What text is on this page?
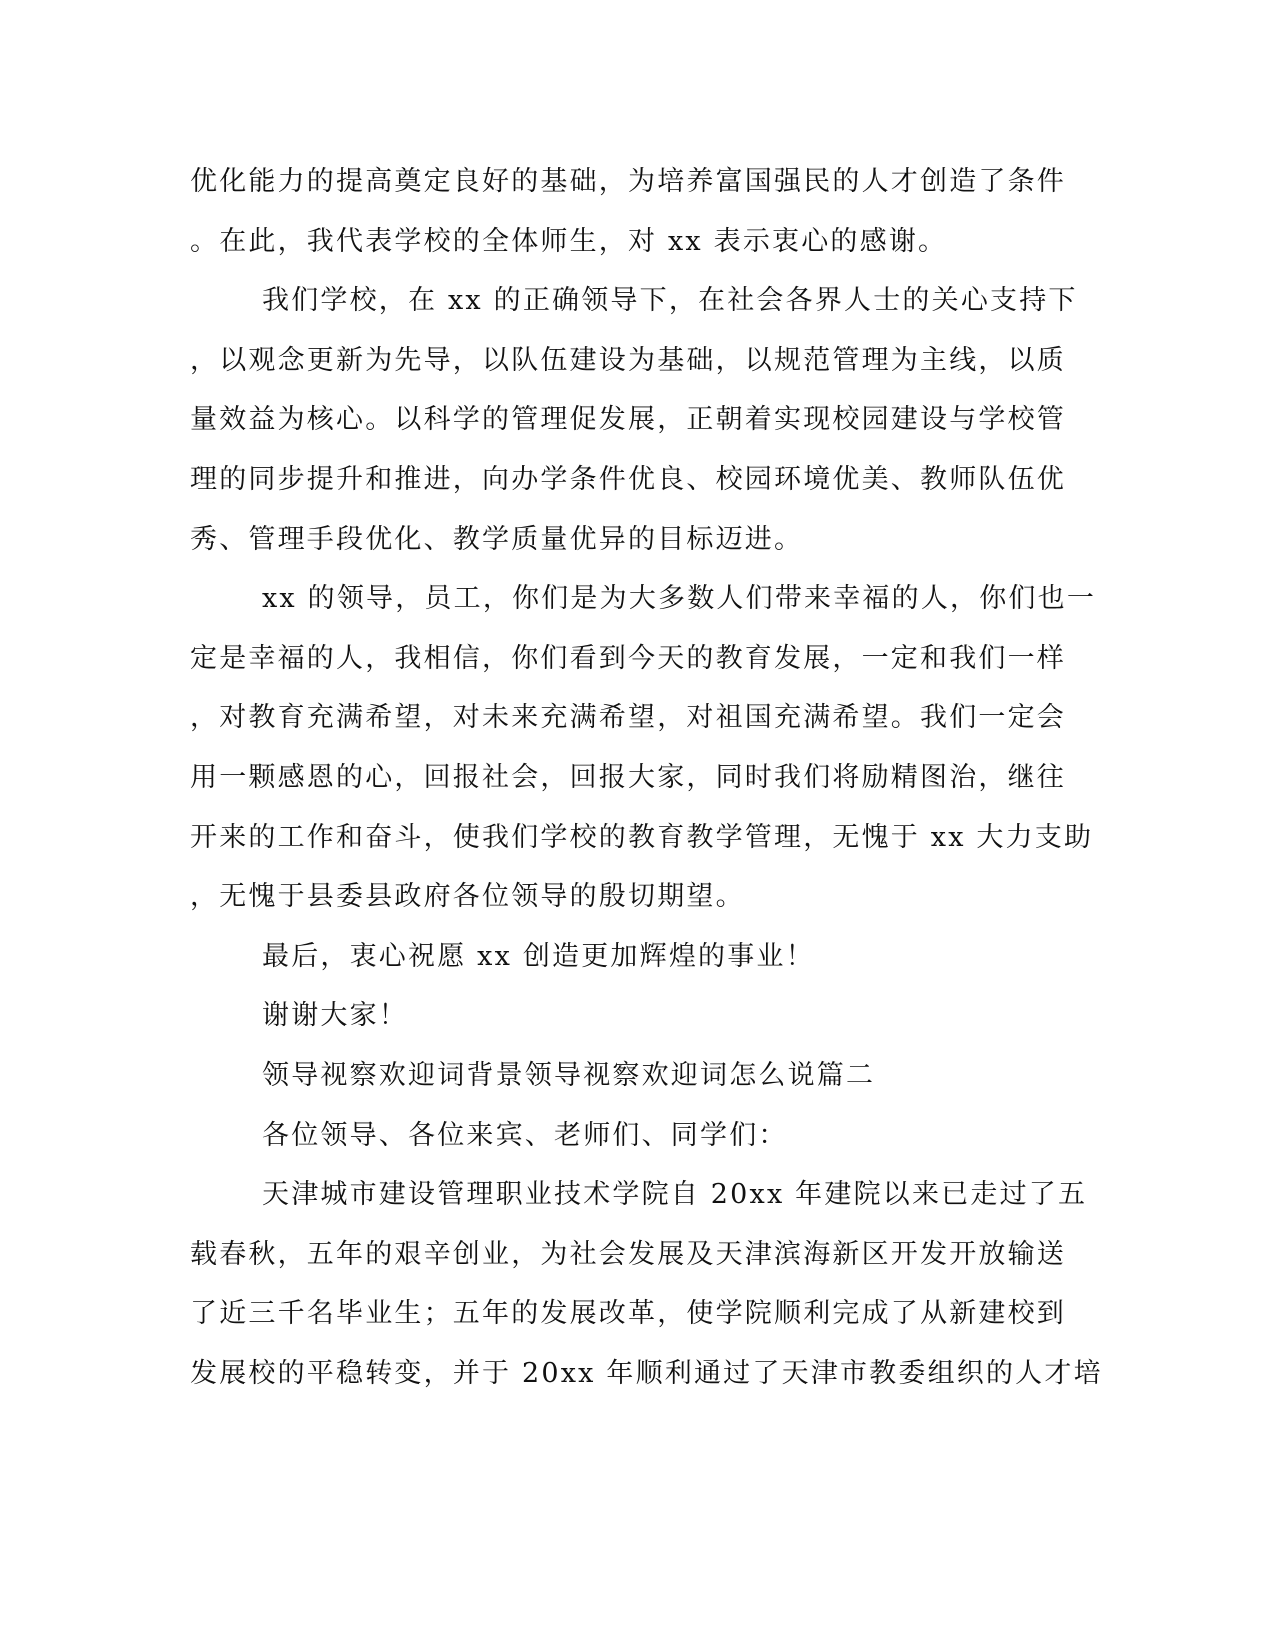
优化能力的提高奠定良好的基础，为培养富国强民的人才创造了条件
。在此，我代表学校的全体师生，对 xx 表示衷心的感谢。
我们学校，在 xx 的正确领导下，在社会各界人士的关心支持下
，以观念更新为先导，以队伍建设为基础，以规范管理为主线，以质
量效益为核心。以科学的管理促发展，正朝着实现校园建设与学校管
理的同步提升和推进，向办学条件优良、校园环境优美、教师队伍优
秀、管理手段优化、教学质量优异的目标迈进。
xx 的领导，员工，你们是为大多数人们带来幸福的人，你们也一
定是幸福的人，我相信，你们看到今天的教育发展，一定和我们一样
，对教育充满希望，对未来充满希望，对祖国充满希望。我们一定会
用一颗感恩的心，回报社会，回报大家，同时我们将励精图治，继往
开来的工作和奋斗，使我们学校的教育教学管理，无愧于 xx 大力支助
，无愧于县委县政府各位领导的殷切期望。
最后，衷心祝愿 xx 创造更加辉煌的事业！
谢谢大家！
领导视察欢迎词背景领导视察欢迎词怎么说篇二
各位领导、各位来宾、老师们、同学们：
天津城市建设管理职业技术学院自 20xx 年建院以来已走过了五
载春秋，五年的艰辛创业，为社会发展及天津滨海新区开发开放输送
了近三千名毕业生；五年的发展改革，使学院顺利完成了从新建校到
发展校的平稳转变，并于 20xx 年顺利通过了天津市教委组织的人才培
